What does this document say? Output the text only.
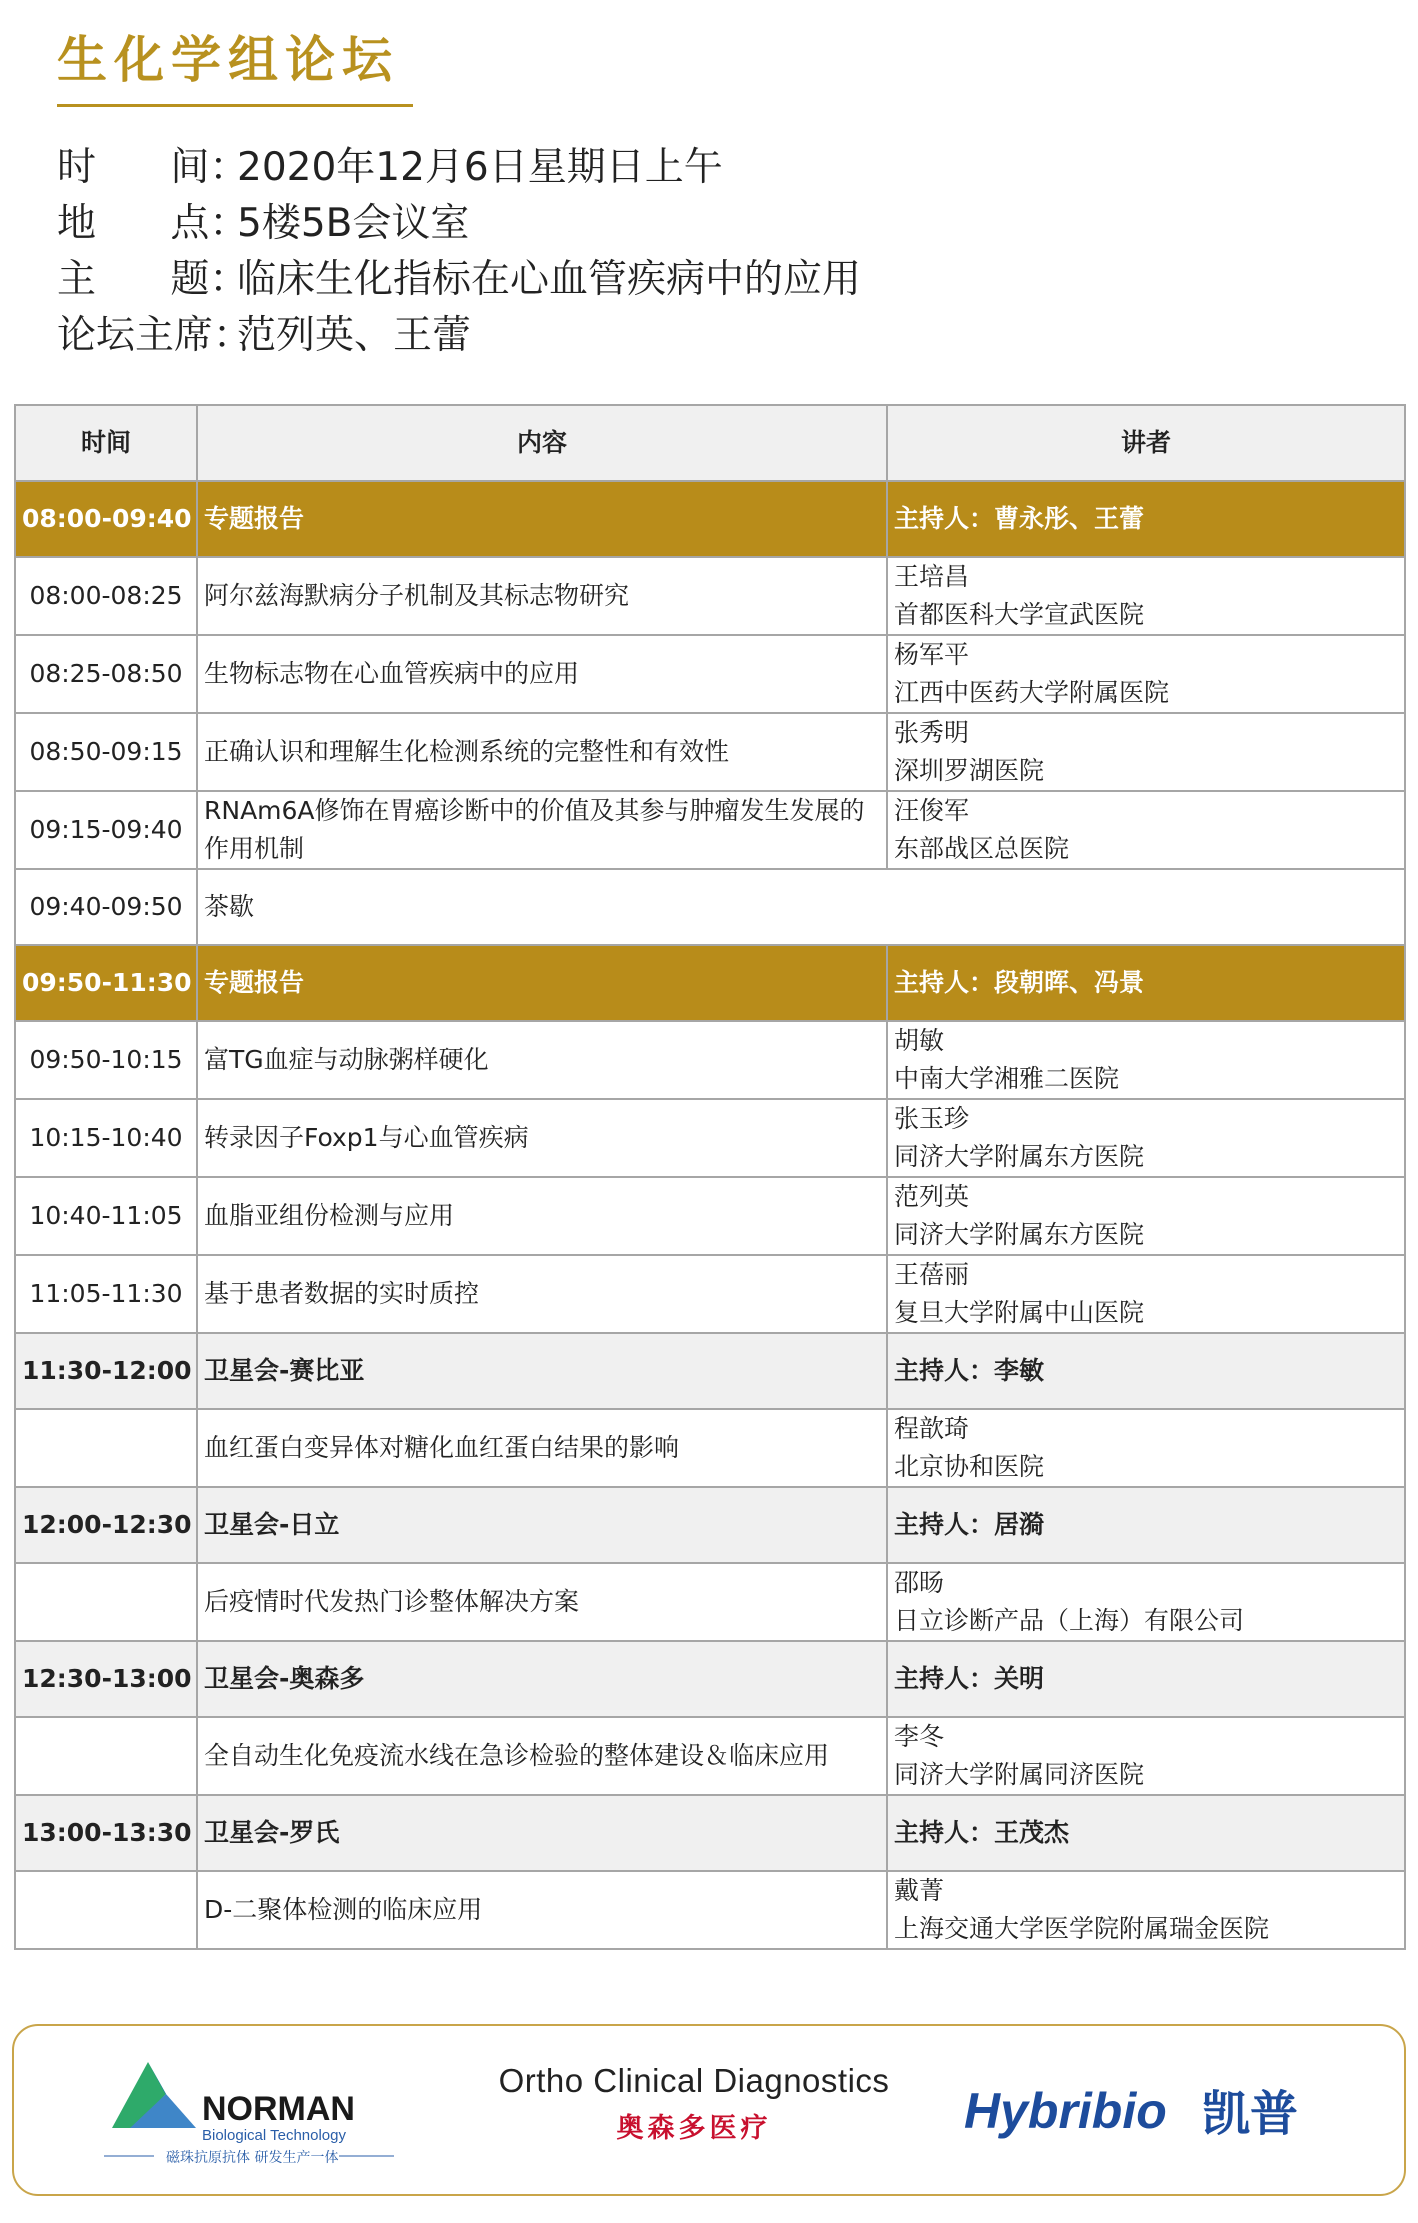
生化学组论坛
时      间：2020年12月6日星期日上午
地      点：5楼5B会议室
主      题：临床生化指标在心血管疾病中的应用
论坛主席：范列英、王蕾
时间	内容	讲者
08:00-09:40	专题报告	主持人：曹永彤、王蕾
08:00-08:25	阿尔兹海默病分子机制及其标志物研究	王培昌
首都医科大学宣武医院

08:25-08:50	生物标志物在心血管疾病中的应用	杨军平
江西中医药大学附属医院

08:50-09:15	正确认识和理解生化检测系统的完整性和有效性	张秀明
深圳罗湖医院

09:15-09:40	RNAm6A修饰在胃癌诊断中的价值及其参与肿瘤发生发展的作用机制	汪俊军
东部战区总医院

09:40-09:50	茶歇	
09:50-11:30	专题报告	主持人：段朝晖、冯景
09:50-10:15	富TG血症与动脉粥样硬化	胡敏
中南大学湘雅二医院

10:15-10:40	转录因子Foxp1与心血管疾病	张玉珍
同济大学附属东方医院

10:40-11:05	血脂亚组份检测与应用	范列英
同济大学附属东方医院

11:05-11:30	基于患者数据的实时质控	王蓓丽
复旦大学附属中山医院

11:30-12:00	卫星会-赛比亚	主持人：李敏
	血红蛋白变异体对糖化血红蛋白结果的影响	程歆琦
北京协和医院

12:00-12:30	卫星会-日立	主持人：居漪
	后疫情时代发热门诊整体解决方案	邵旸
日立诊断产品（上海）有限公司

12:30-13:00	卫星会-奥森多	主持人：关明
	全自动生化免疫流水线在急诊检验的整体建设＆临床应用	李冬
同济大学附属同济医院

13:00-13:30	卫星会-罗氏	主持人：王茂杰
	D-二聚体检测的临床应用	戴菁
上海交通大学医学院附属瑞金医院
NORMAN
Biological Technology
磁珠抗原抗体 研发生产一体
Ortho Clinical Diagnostics
奥森多医疗	Hybribio 凯普
